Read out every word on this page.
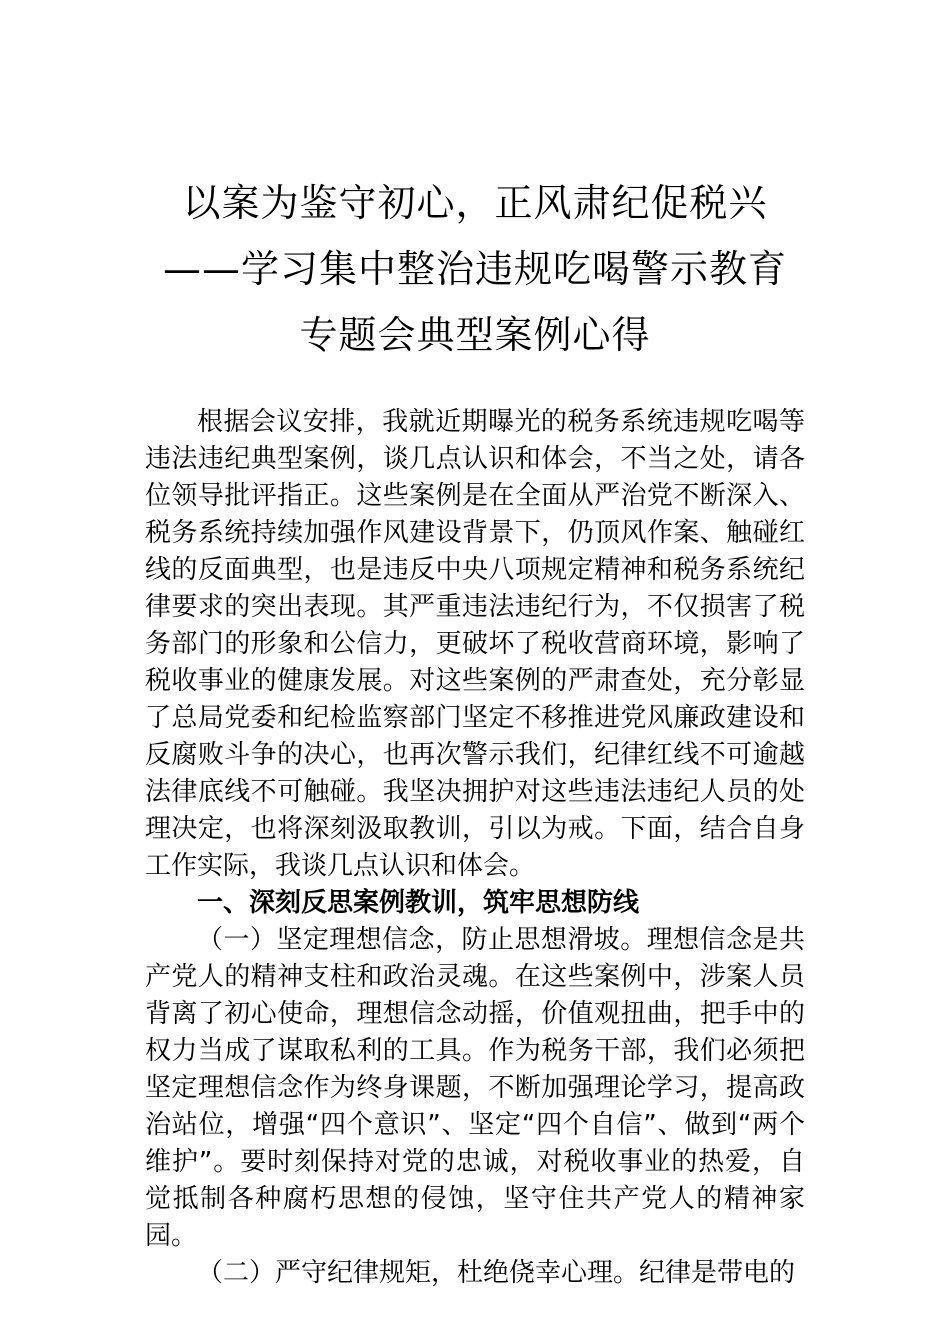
以案为鉴守初心，正风肃纪促税兴——学习集中整治违规吃喝警示教育专题会典型案例心得

根据会议安排，我就近期曝光的税务系统违规吃喝等违法违纪典型案例，谈几点认识和体会，不当之处，请各位领导批评指正。这些案例是在全面从严治党不断深入、税务系统持续加强作风建设背景下，仍顶风作案、触碰红线的反面典型，也是违反中央八项规定精神和税务系统纪律要求的突出表现。其严重违法违纪行为，不仅损害了税务部门的形象和公信力，更破坏了税收营商环境，影响了税收事业的健康发展。对这些案例的严肃查处，充分彰显了总局党委和纪检监察部门坚定不移推进党风廉政建设和反腐败斗争的决心，也再次警示我们，纪律红线不可逾越法律底线不可触碰。我坚决拥护对这些违法违纪人员的处理决定，也将深刻汲取教训，引以为戒。下面，结合自身工作实际，我谈几点认识和体会。

一、深刻反思案例教训，筑牢思想防线

（一）坚定理想信念，防止思想滑坡。理想信念是共产党人的精神支柱和政治灵魂。在这些案例中，涉案人员背离了初心使命，理想信念动摇，价值观扭曲，把手中的权力当成了谋取私利的工具。作为税务干部，我们必须把坚定理想信念作为终身课题，不断加强理论学习，提高政治站位，增强“四个意识”、坚定“四个自信”、做到“两个维护”。要时刻保持对党的忠诚，对税收事业的热爱，自觉抵制各种腐朽思想的侵蚀，坚守住共产党人的精神家园。

（二）严守纪律规矩，杜绝侥幸心理。纪律是带电的
